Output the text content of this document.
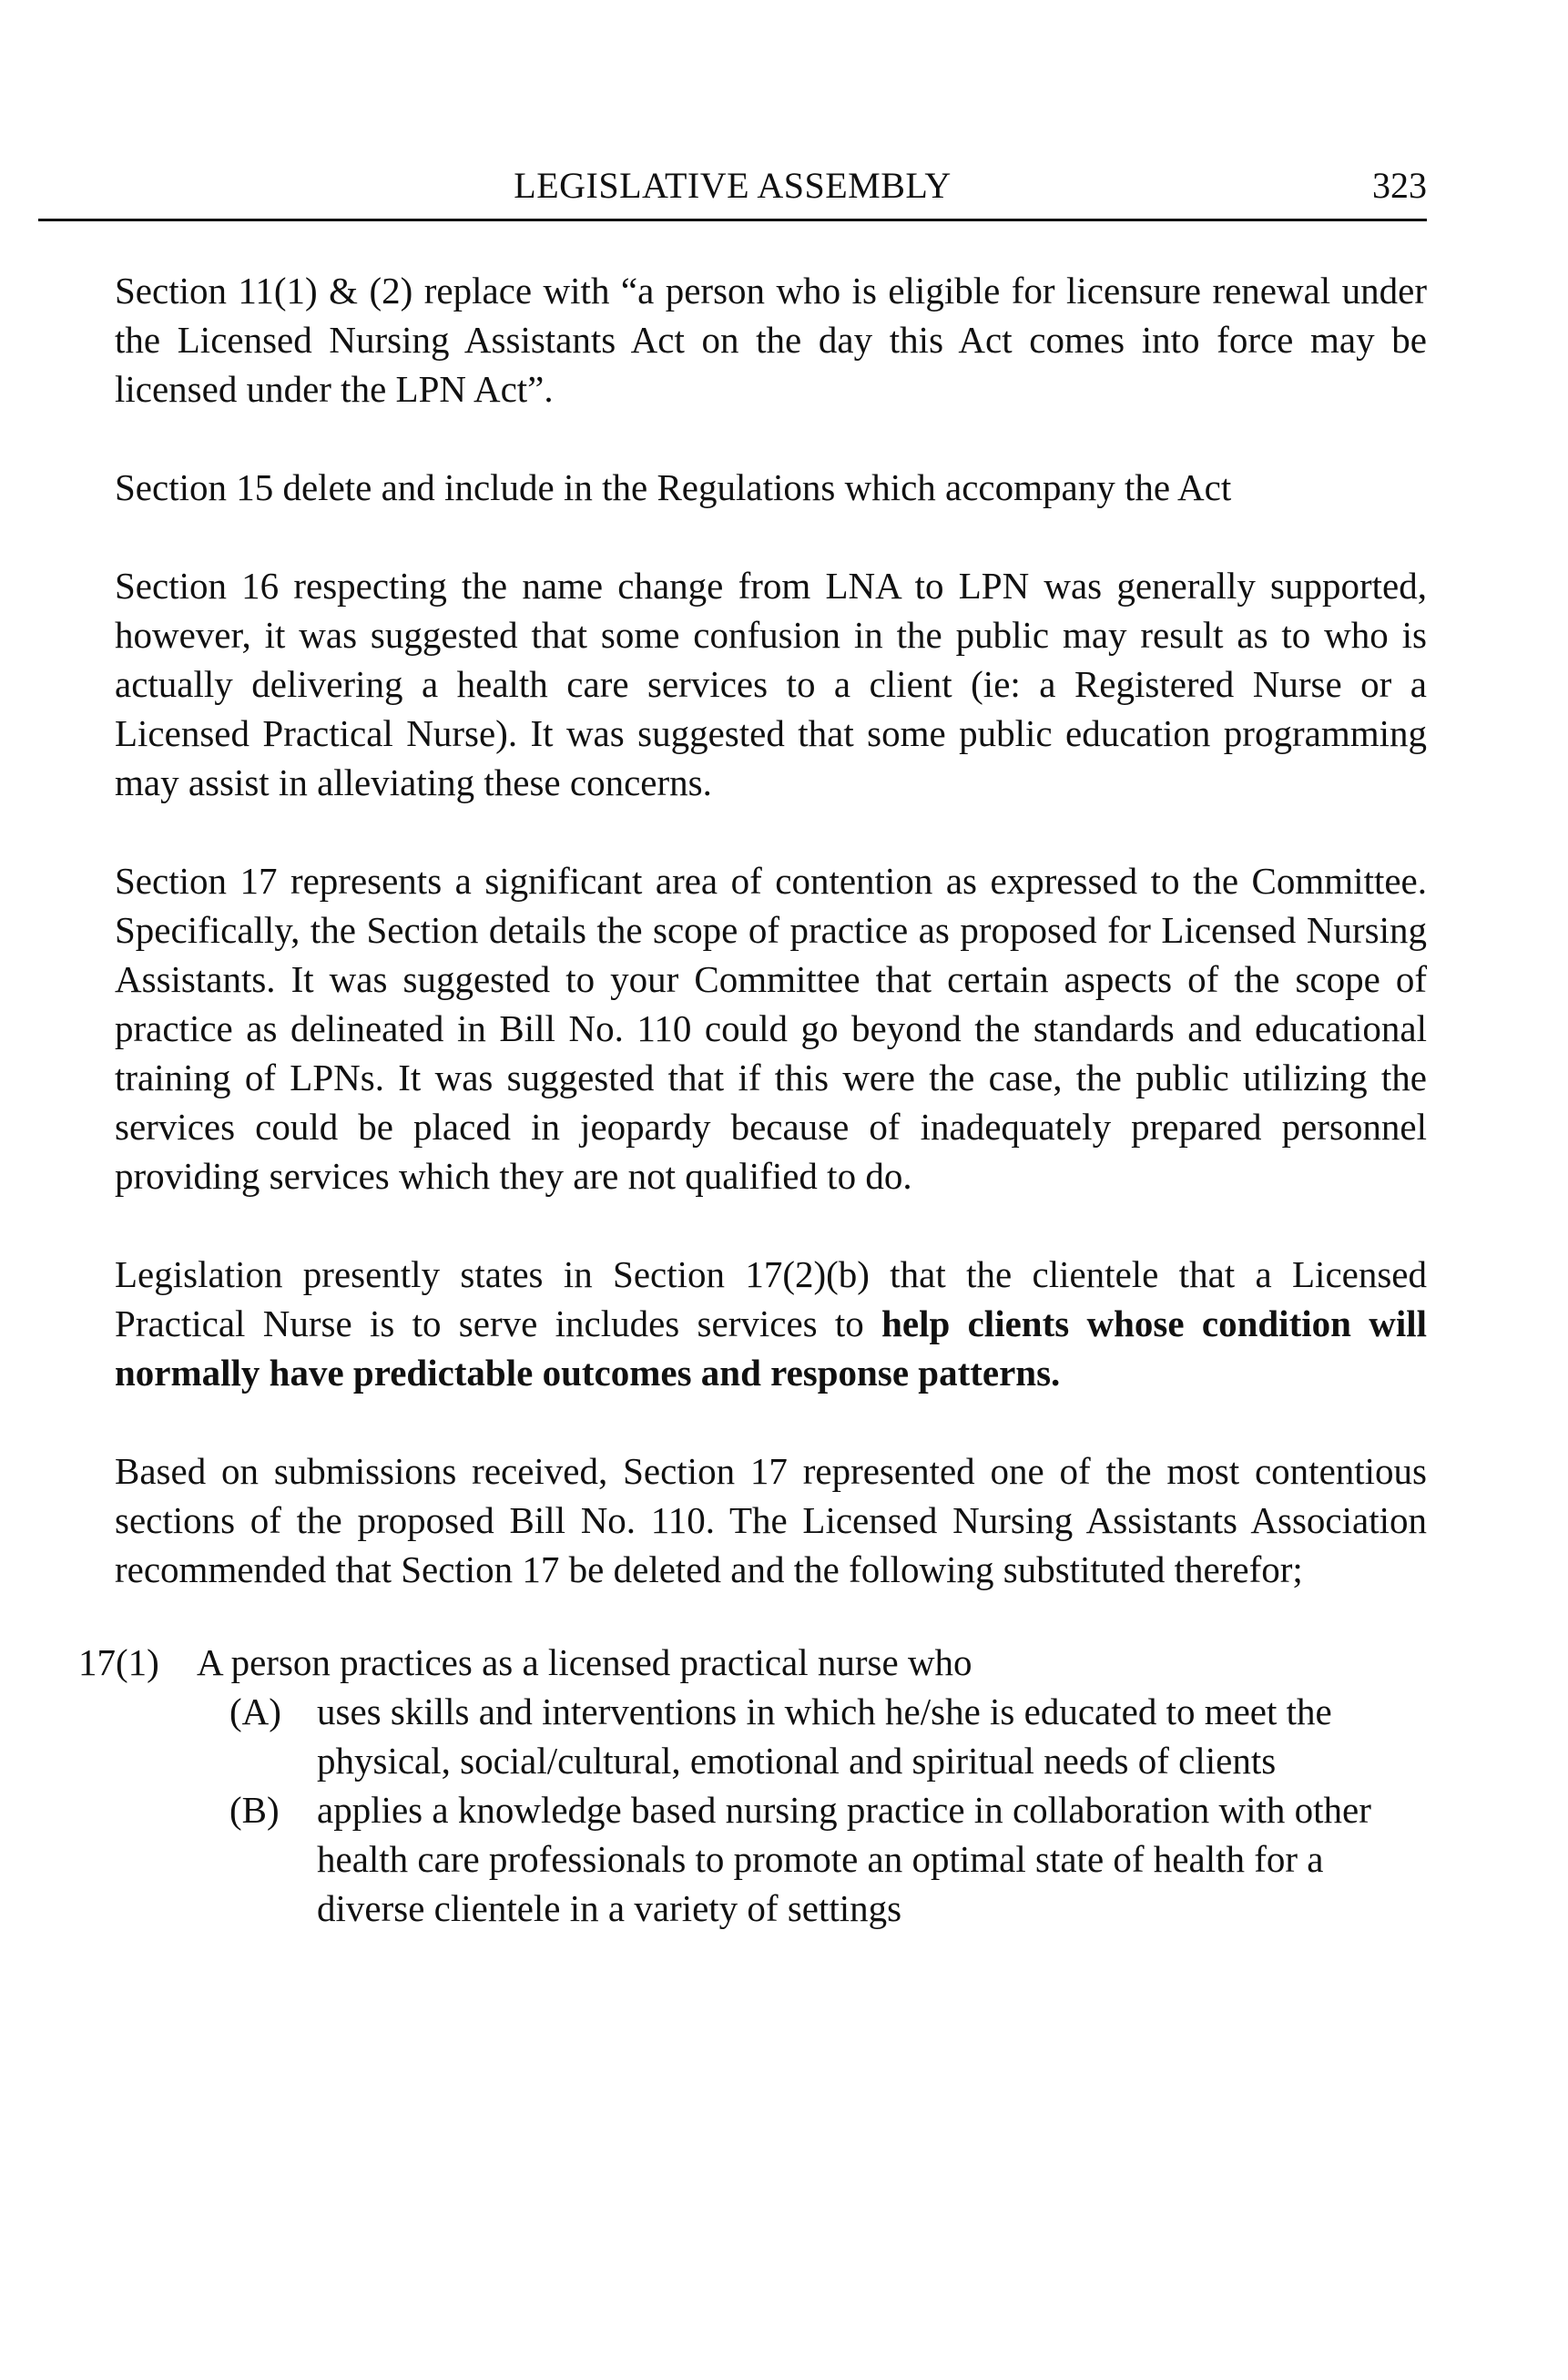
LEGISLATIVE ASSEMBLY	323

Section 11(1) & (2) replace with “a person who is eligible for licensure renewal under the Licensed Nursing Assistants Act on the day this Act comes into force may be licensed under the LPN Act”.

Section 15 delete and include in the Regulations which accompany the Act

Section 16 respecting the name change from LNA to LPN was generally supported, however, it was suggested that some confusion in the public may result as to who is actually delivering a health care services to a client (ie: a Registered Nurse or a Licensed Practical Nurse). It was suggested that some public education programming may assist in alleviating these concerns.

Section 17 represents a significant area of contention as expressed to the Committee. Specifically, the Section details the scope of practice as proposed for Licensed Nursing Assistants. It was suggested to your Committee that certain aspects of the scope of practice as delineated in Bill No. 110 could go beyond the standards and educational training of LPNs. It was suggested that if this were the case, the public utilizing the services could be placed in jeopardy because of inadequately prepared personnel providing services which they are not qualified to do.

Legislation presently states in Section 17(2)(b) that the clientele that a Licensed Practical Nurse is to serve includes services to help clients whose condition will normally have predictable outcomes and response patterns.

Based on submissions received, Section 17 represented one of the most contentious sections of the proposed Bill No. 110. The Licensed Nursing Assistants Association recommended that Section 17 be deleted and the following substituted therefor;

17(1)	A person practices as a licensed practical nurse who
(A) uses skills and interventions in which he/she is educated to meet the physical, social/cultural, emotional and spiritual needs of clients
(B)	applies a knowledge based nursing practice in collaboration with other health care professionals to promote an optimal state of health for a diverse clientele in a variety of settings
